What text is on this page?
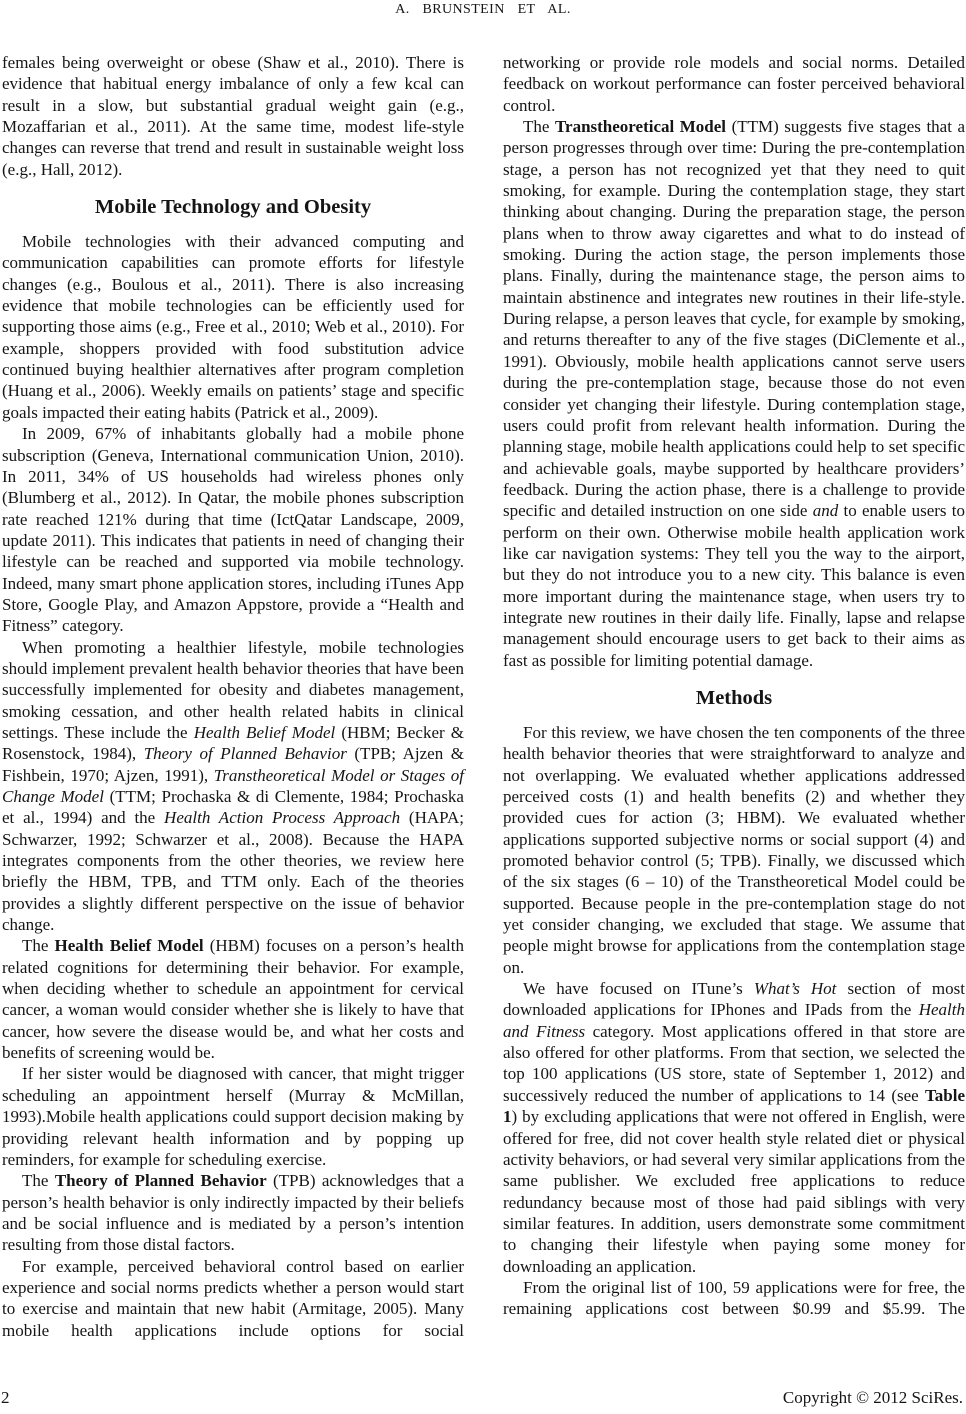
A. BRUNSTEIN ET AL.

females being overweight or obese (Shaw et al., 2010). There is evidence that habitual energy imbalance of only a few kcal can result in a slow, but substantial gradual weight gain (e.g., Mozaffarian et al., 2011). At the same time, modest life-style changes can reverse that trend and result in sustainable weight loss (e.g., Hall, 2012).

Mobile Technology and Obesity

Mobile technologies with their advanced computing and communication capabilities can promote efforts for lifestyle changes (e.g., Boulous et al., 2011). There is also increasing evidence that mobile technologies can be efficiently used for supporting those aims (e.g., Free et al., 2010; Web et al., 2010). For example, shoppers provided with food substitution advice continued buying healthier alternatives after program completion (Huang et al., 2006). Weekly emails on patients’ stage and specific goals impacted their eating habits (Patrick et al., 2009).

In 2009, 67% of inhabitants globally had a mobile phone subscription (Geneva, International communication Union, 2010). In 2011, 34% of US households had wireless phones only (Blumberg et al., 2012). In Qatar, the mobile phones subscription rate reached 121% during that time (IctQatar Landscape, 2009, update 2011). This indicates that patients in need of changing their lifestyle can be reached and supported via mobile technology. Indeed, many smart phone application stores, including iTunes App Store, Google Play, and Amazon Appstore, provide a “Health and Fitness” category.

When promoting a healthier lifestyle, mobile technologies should implement prevalent health behavior theories that have been successfully implemented for obesity and diabetes management, smoking cessation, and other health related habits in clinical settings. These include the Health Belief Model (HBM; Becker & Rosenstock, 1984), Theory of Planned Behavior (TPB; Ajzen & Fishbein, 1970; Ajzen, 1991), Transtheoretical Model or Stages of Change Model (TTM; Prochaska & di Clemente, 1984; Prochaska et al., 1994) and the Health Action Process Approach (HAPA; Schwarzer, 1992; Schwarzer et al., 2008). Because the HAPA integrates components from the other theories, we review here briefly the HBM, TPB, and TTM only. Each of the theories provides a slightly different perspective on the issue of behavior change.

The Health Belief Model (HBM) focuses on a person’s health related cognitions for determining their behavior. For example, when deciding whether to schedule an appointment for cervical cancer, a woman would consider whether she is likely to have that cancer, how severe the disease would be, and what her costs and benefits of screening would be.

If her sister would be diagnosed with cancer, that might trigger scheduling an appointment herself (Murray & McMillan, 1993).Mobile health applications could support decision making by providing relevant health information and by popping up reminders, for example for scheduling exercise.

The Theory of Planned Behavior (TPB) acknowledges that a person’s health behavior is only indirectly impacted by their beliefs and be social influence and is mediated by a person’s intention resulting from those distal factors.

For example, perceived behavioral control based on earlier experience and social norms predicts whether a person would start to exercise and maintain that new habit (Armitage, 2005). Many mobile health applications include options for social

networking or provide role models and social norms. Detailed feedback on workout performance can foster perceived behavioral control.

The Transtheoretical Model (TTM) suggests five stages that a person progresses through over time: During the pre-contemplation stage, a person has not recognized yet that they need to quit smoking, for example. During the contemplation stage, they start thinking about changing. During the preparation stage, the person plans when to throw away cigarettes and what to do instead of smoking. During the action stage, the person implements those plans. Finally, during the maintenance stage, the person aims to maintain abstinence and integrates new routines in their life-style. During relapse, a person leaves that cycle, for example by smoking, and returns thereafter to any of the five stages (DiClemente et al., 1991). Obviously, mobile health applications cannot serve users during the pre-contemplation stage, because those do not even consider yet changing their lifestyle. During contemplation stage, users could profit from relevant health information. During the planning stage, mobile health applications could help to set specific and achievable goals, maybe supported by healthcare providers’ feedback. During the action phase, there is a challenge to provide specific and detailed instruction on one side and to enable users to perform on their own. Otherwise mobile health application work like car navigation systems: They tell you the way to the airport, but they do not introduce you to a new city. This balance is even more important during the maintenance stage, when users try to integrate new routines in their daily life. Finally, lapse and relapse management should encourage users to get back to their aims as fast as possible for limiting potential damage.

Methods

For this review, we have chosen the ten components of the three health behavior theories that were straightforward to analyze and not overlapping. We evaluated whether applications addressed perceived costs (1) and health benefits (2) and whether they provided cues for action (3; HBM). We evaluated whether applications supported subjective norms or social support (4) and promoted behavior control (5; TPB). Finally, we discussed which of the six stages (6 – 10) of the Transtheoretical Model could be supported. Because people in the pre-contemplation stage do not yet consider changing, we excluded that stage. We assume that people might browse for applications from the contemplation stage on.

We have focused on ITune’s What’s Hot section of most downloaded applications for IPhones and IPads from the Health and Fitness category. Most applications offered in that store are also offered for other platforms. From that section, we selected the top 100 applications (US store, state of September 1, 2012) and successively reduced the number of applications to 14 (see Table 1) by excluding applications that were not offered in English, were offered for free, did not cover health style related diet or physical activity behaviors, or had several very similar applications from the same publisher. We excluded free applications to reduce redundancy because most of those had paid siblings with very similar features. In addition, users demonstrate some commitment to changing their lifestyle when paying some money for downloading an application.

From the original list of 100, 59 applications were for free, the remaining applications cost between $0.99 and $5.99. The

2	Copyright © 2012 SciRes.
